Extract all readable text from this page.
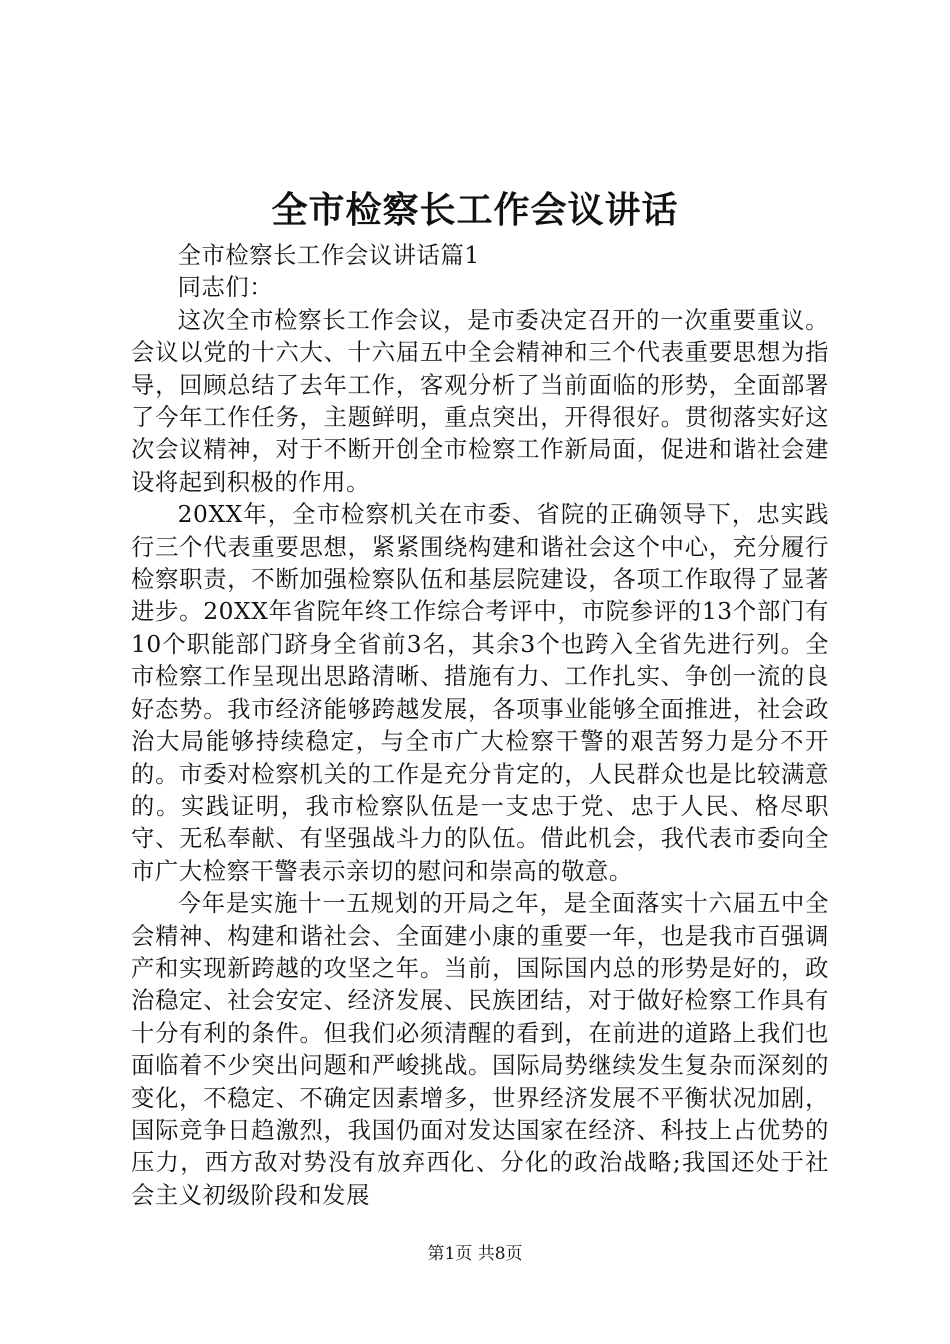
全市检察长工作会议讲话

全市检察长工作会议讲话篇1

同志们：

这次全市检察长工作会议，是市委决定召开的一次重要重议。会议以党的十六大、十六届五中全会精神和三个代表重要思想为指导，回顾总结了去年工作，客观分析了当前面临的形势，全面部署了今年工作任务，主题鲜明，重点突出，开得很好。贯彻落实好这次会议精神，对于不断开创全市检察工作新局面，促进和谐社会建设将起到积极的作用。

20XX年，全市检察机关在市委、省院的正确领导下，忠实践行三个代表重要思想，紧紧围绕构建和谐社会这个中心，充分履行检察职责，不断加强检察队伍和基层院建设，各项工作取得了显著进步。20XX年省院年终工作综合考评中，市院参评的13个部门有10个职能部门跻身全省前3名，其余3个也跨入全省先进行列。全市检察工作呈现出思路清晰、措施有力、工作扎实、争创一流的良好态势。我市经济能够跨越发展，各项事业能够全面推进，社会政治大局能够持续稳定，与全市广大检察干警的艰苦努力是分不开的。市委对检察机关的工作是充分肯定的，人民群众也是比较满意的。实践证明，我市检察队伍是一支忠于党、忠于人民、格尽职守、无私奉献、有坚强战斗力的队伍。借此机会，我代表市委向全市广大检察干警表示亲切的慰问和崇高的敬意。

今年是实施十一五规划的开局之年，是全面落实十六届五中全会精神、构建和谐社会、全面建小康的重要一年，也是我市百强调产和实现新跨越的攻坚之年。当前，国际国内总的形势是好的，政治稳定、社会安定、经济发展、民族团结，对于做好检察工作具有十分有利的条件。但我们必须清醒的看到，在前进的道路上我们也面临着不少突出问题和严峻挑战。国际局势继续发生复杂而深刻的变化，不稳定、不确定因素增多，世界经济发展不平衡状况加剧，国际竞争日趋激烈，我国仍面对发达国家在经济、科技上占优势的压力，西方敌对势没有放弃西化、分化的政治战略;我国还处于社会主义初级阶段和发展

第1页 共8页
